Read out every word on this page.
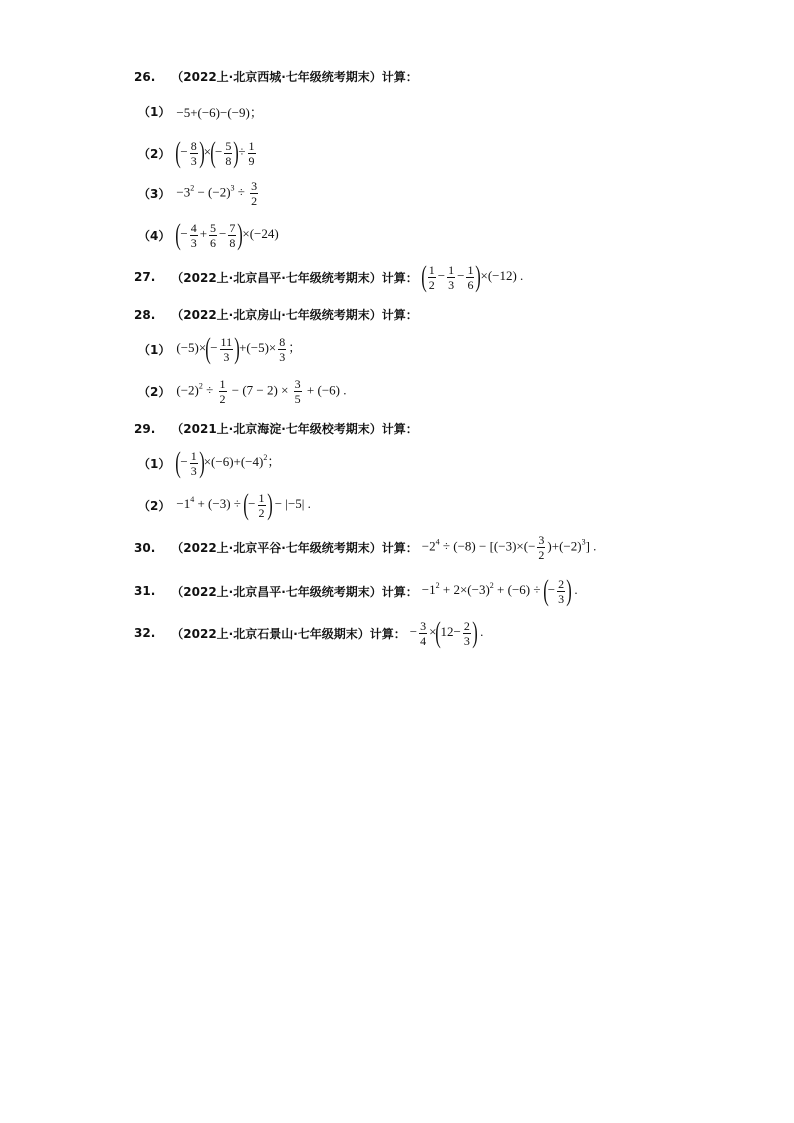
26. （2022上·北京西城·七年级统考期末）计算：
（1） −5+(−6)−(−9)；
（2） (− $\frac{8}{3}$ )×(− $\frac{5}{8}$ )÷ $\frac{1}{9}$
$(3) -3^2 - (-2)^3 \div \frac{3}{2}$
（4） (− $\frac{4}{3} + \frac{5}{6} - \frac{7}{8} )\times(-24)$
27. （2022上·北京昌平·七年级统考期末）计算： ( $\frac{1}{2} - \frac{1}{3} - \frac{1}{6} )\times(-12)$ .
28. （2022上·北京房山·七年级统考期末）计算：
（1） $(-5)\times(- \frac{11}{3} )+(-5)\times \frac{8}{3}$ ；
（2） $(-2)^2 \div \frac{1}{2} - (7 - 2) \times \frac{3}{5} + (-6)$ .
29. （2021上·北京海淀·七年级校考期末）计算：
（1） (− $\frac{1}{3} )\times(-6)+(-4)^2$；
$(2) -1^4 + (-3)$ ÷ (− $\frac{1}{2}$ ) − |−5| .
30. （2022上·北京平谷·七年级统考期末）计算： $-2^4 \div (-8) - [(-3)\times(- \frac{3}{2} )+(-2)^3]$ .
31. （2022上·北京昌平·七年级统考期末）计算： $-1^2 + 2\times(-3)^2 + (-6)$ ÷ (− $\frac{2}{3}$ ) .
32. （2022上·北京石景山·七年级期末）计算： − $\frac{3}{4} \times(12- \frac{2}{3}$ ) .
